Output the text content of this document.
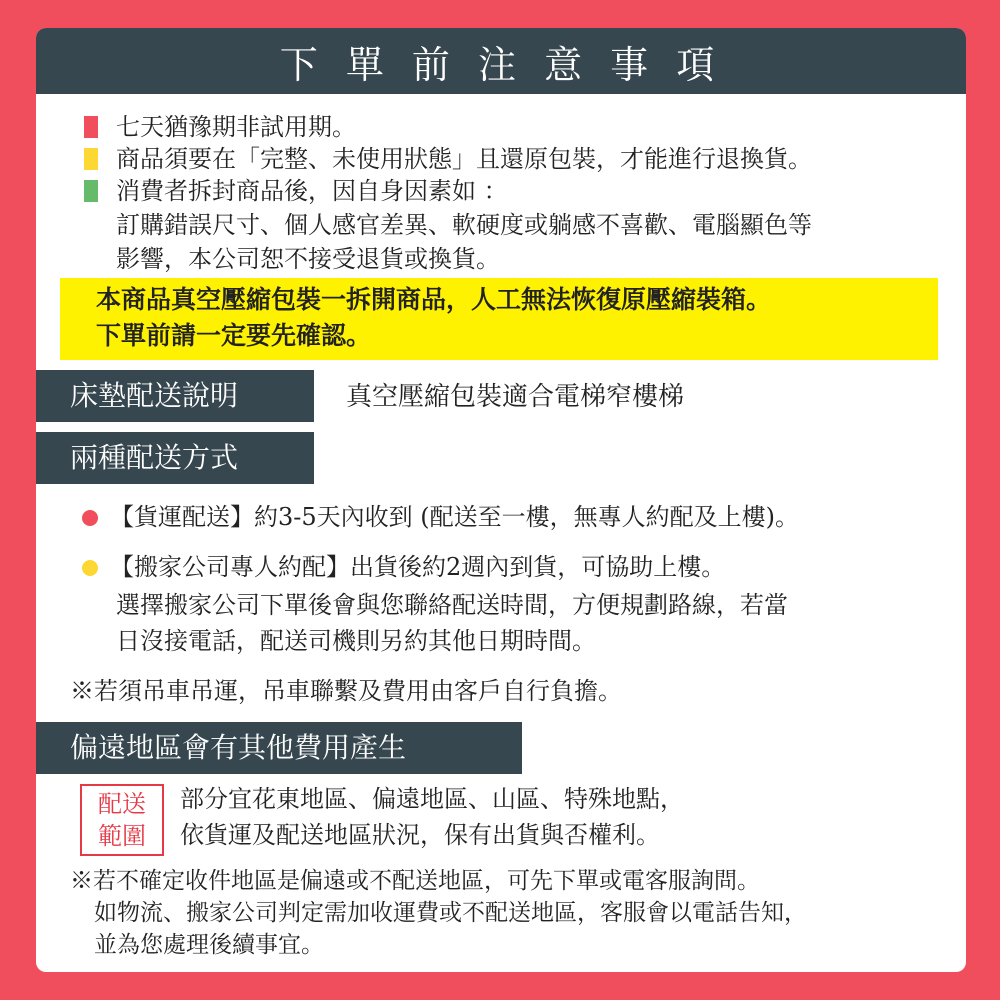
下 單 前 注 意 事 項
七天猶豫期非試用期。
商品須要在「完整、未使用狀態」且還原包裝，才能進行退換貨。
消費者拆封商品後，因自身因素如 ：
訂購錯誤尺寸、個人感官差異、軟硬度或躺感不喜歡、電腦顯色等
影響，本公司恕不接受退貨或換貨。
本商品真空壓縮包裝一拆開商品，人工無法恢復原壓縮裝箱。
下單前請一定要先確認。
床墊配送說明	真空壓縮包裝適合電梯窄樓梯
兩種配送方式
【貨運配送】約3-5天內收到 (配送至一樓，無專人約配及上樓)。
【搬家公司專人約配】出貨後約2週內到貨，可協助上樓。
選擇搬家公司下單後會與您聯絡配送時間，方便規劃路線，若當
日沒接電話，配送司機則另約其他日期時間。
※若須吊車吊運，吊車聯繫及費用由客戶自行負擔。
偏遠地區會有其他費用產生
配送
範圍
部分宜花東地區、偏遠地區、山區、特殊地點，
依貨運及配送地區狀況，保有出貨與否權利。
※若不確定收件地區是偏遠或不配送地區，可先下單或電客服詢問。
如物流、搬家公司判定需加收運費或不配送地區，客服會以電話告知，
並為您處理後續事宜。
